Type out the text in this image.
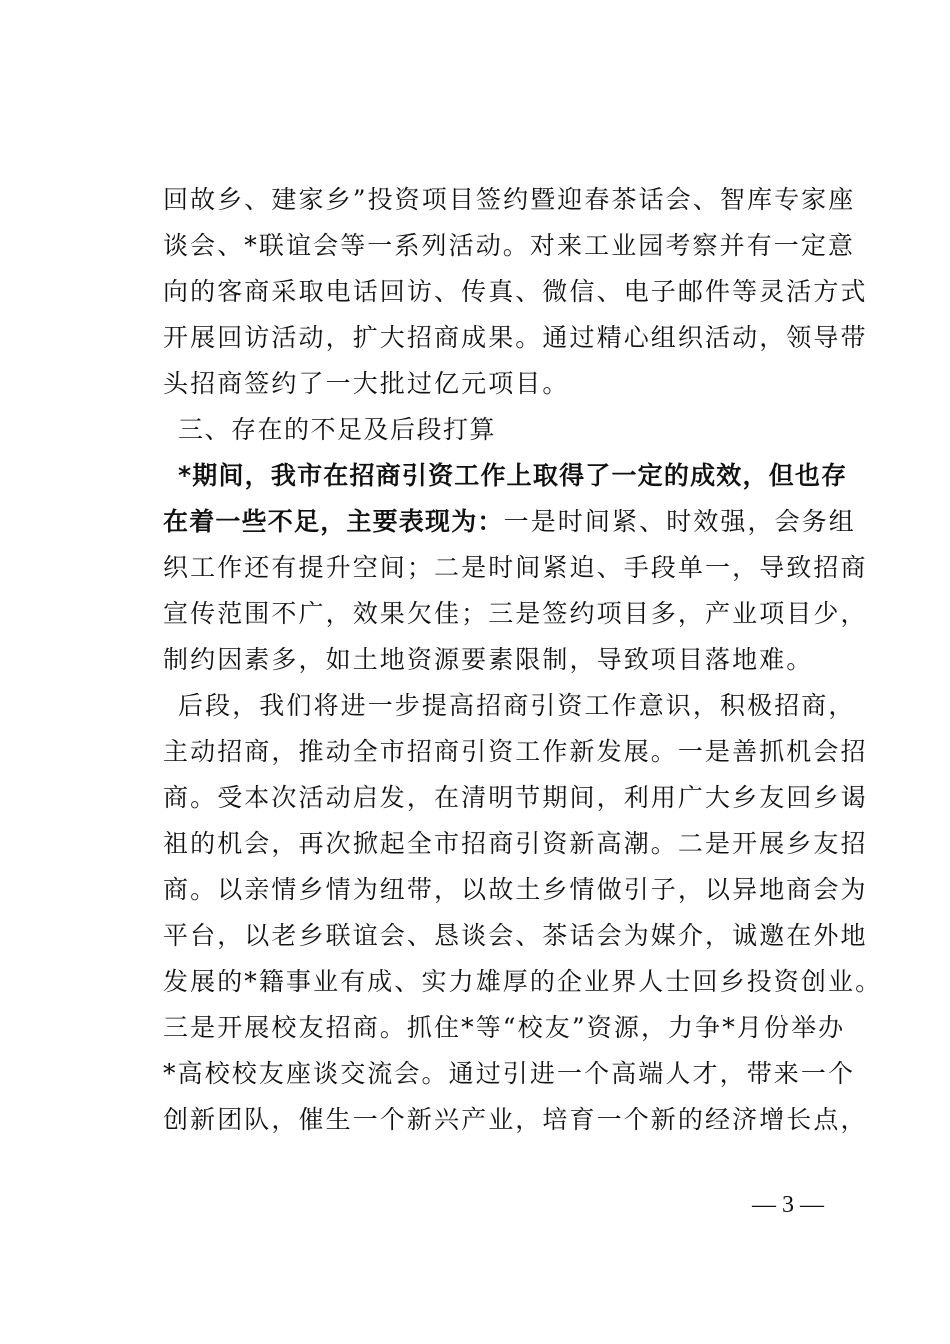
回故乡、建家乡”投资项目签约暨迎春茶话会、智库专家座
谈会、*联谊会等一系列活动。对来工业园考察并有一定意
向的客商采取电话回访、传真、微信、电子邮件等灵活方式
开展回访活动，扩大招商成果。通过精心组织活动，领导带
头招商签约了一大批过亿元项目。
三、存在的不足及后段打算
*期间，我市在招商引资工作上取得了一定的成效，但也存
在着一些不足，主要表现为：一是时间紧、时效强，会务组
织工作还有提升空间；二是时间紧迫、手段单一，导致招商
宣传范围不广，效果欠佳；三是签约项目多，产业项目少，
制约因素多，如土地资源要素限制，导致项目落地难。
后段，我们将进一步提高招商引资工作意识，积极招商，
主动招商，推动全市招商引资工作新发展。一是善抓机会招
商。受本次活动启发，在清明节期间，利用广大乡友回乡谒
祖的机会，再次掀起全市招商引资新高潮。二是开展乡友招
商。以亲情乡情为纽带，以故土乡情做引子，以异地商会为
平台，以老乡联谊会、恳谈会、茶话会为媒介，诚邀在外地
发展的*籍事业有成、实力雄厚的企业界人士回乡投资创业。
三是开展校友招商。抓住*等“校友”资源，力争*月份举办
*高校校友座谈交流会。通过引进一个高端人才，带来一个
创新团队，催生一个新兴产业，培育一个新的经济增长点，
— 3 —
